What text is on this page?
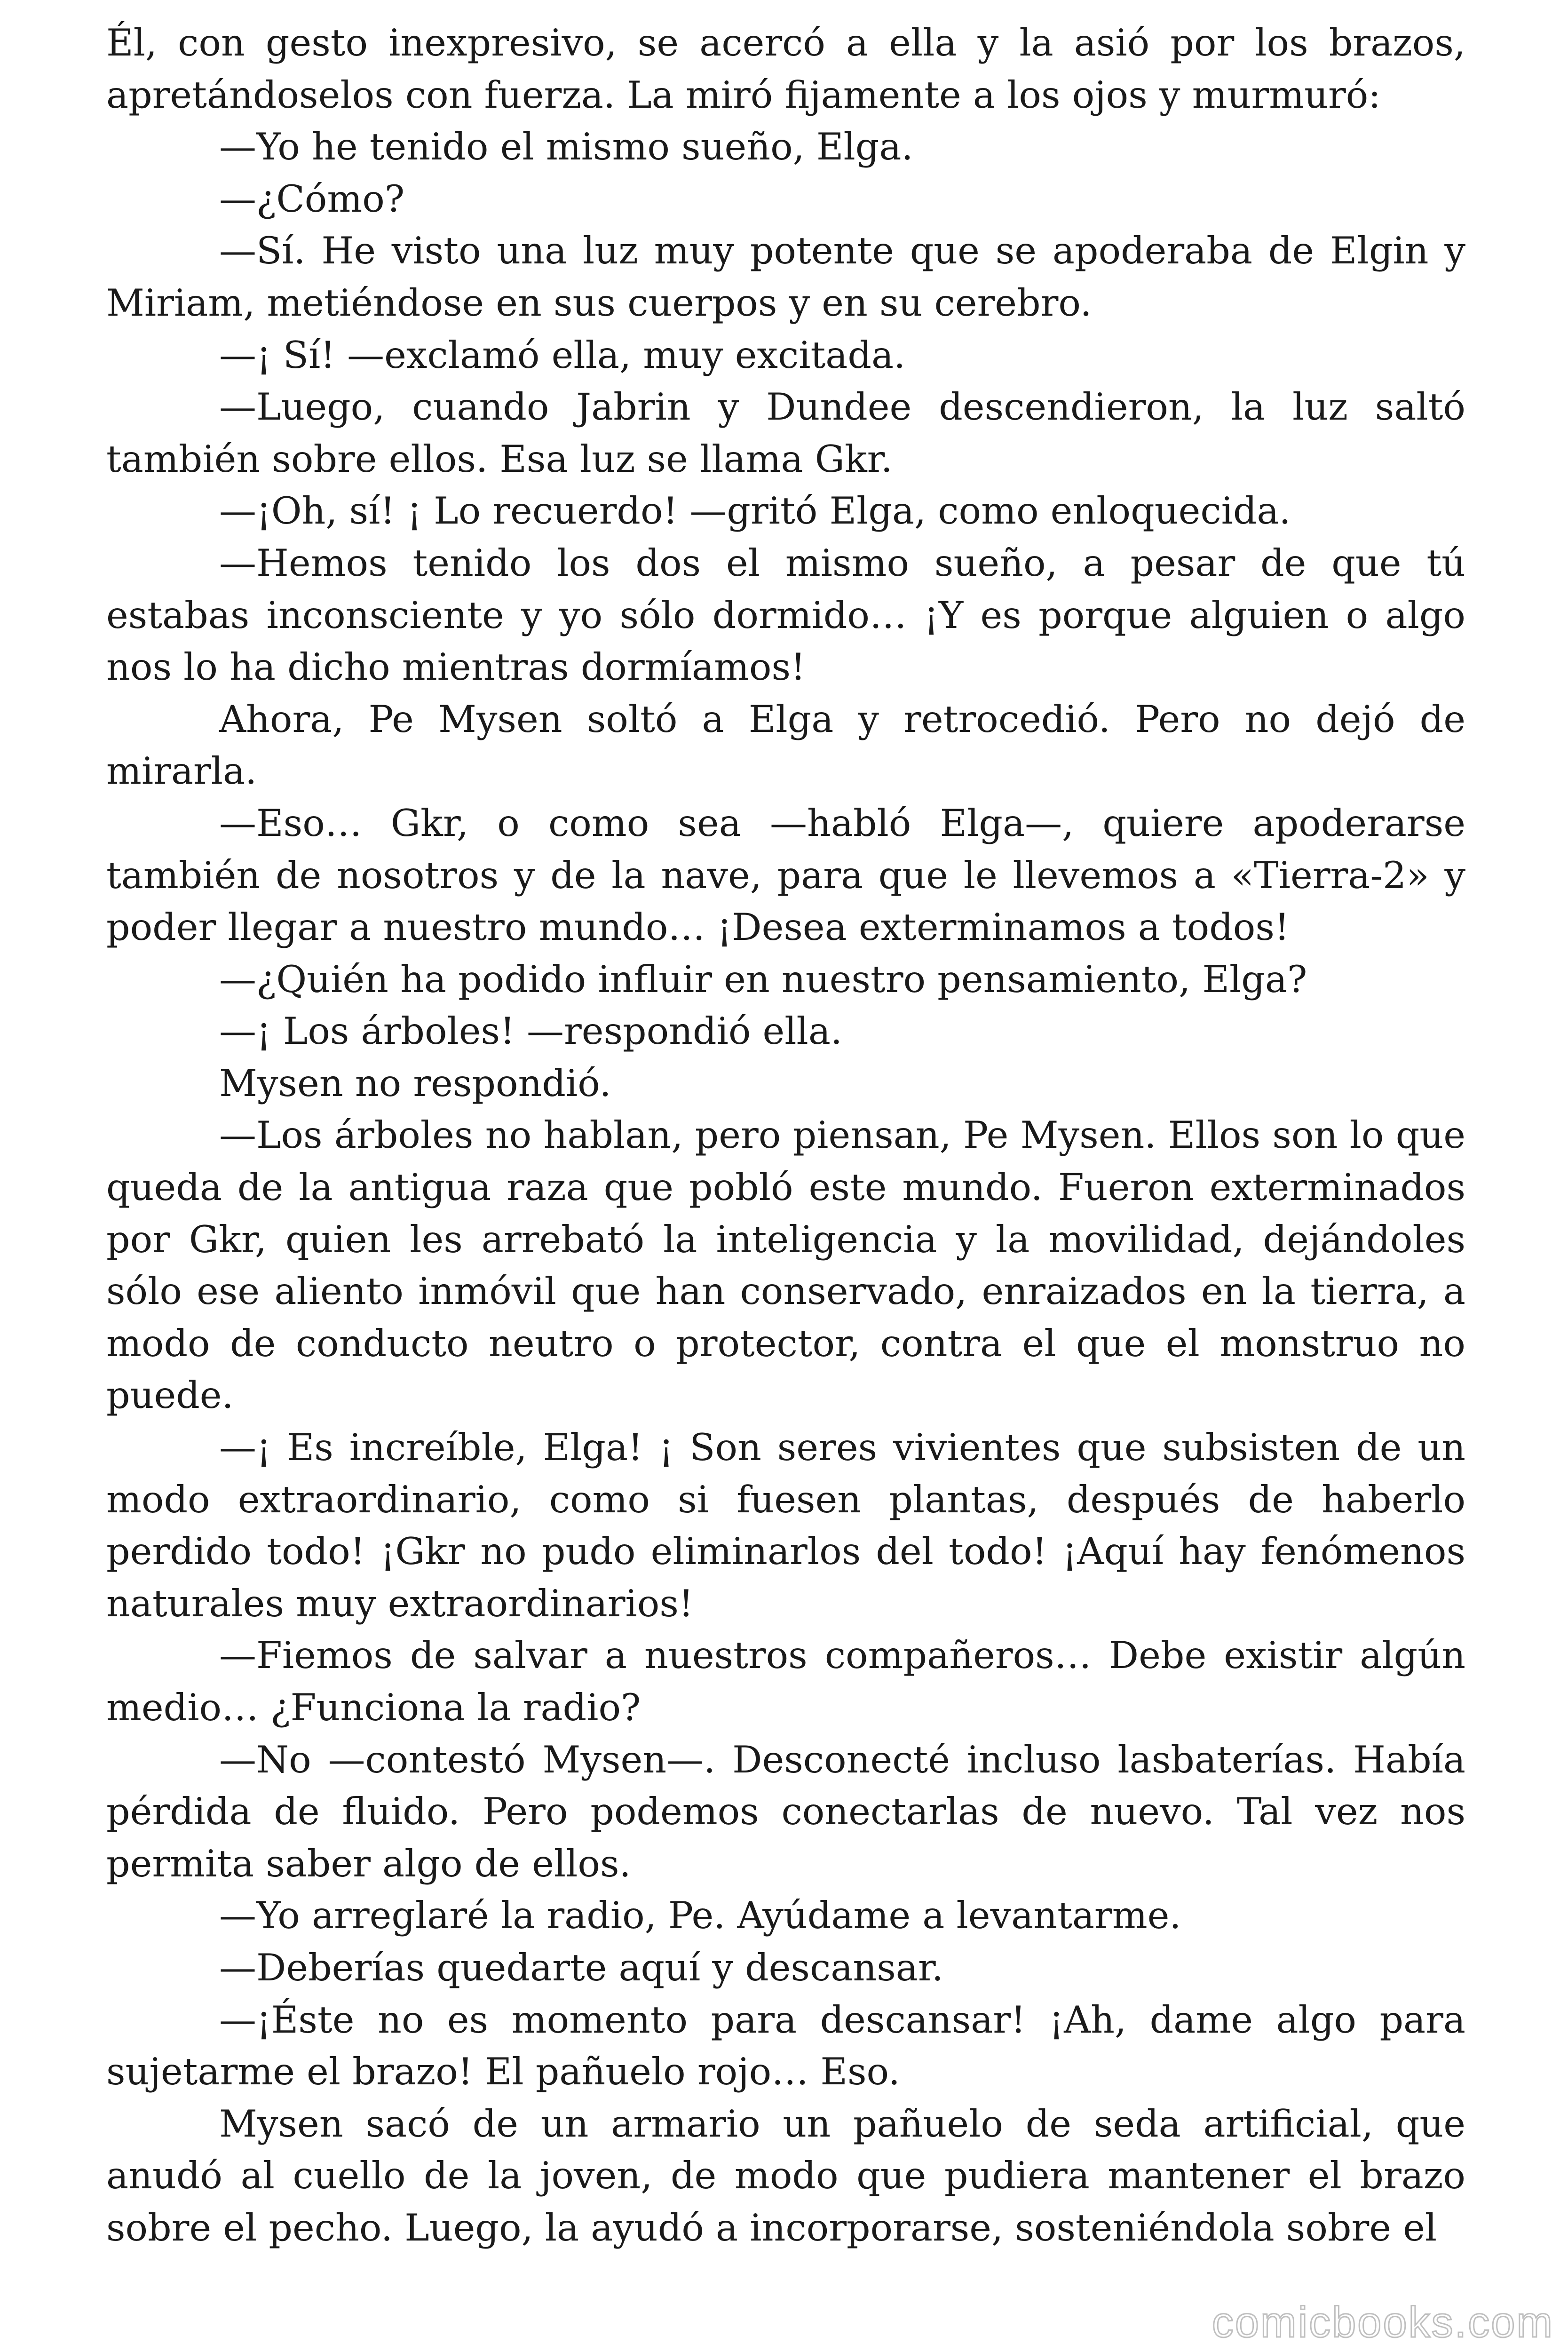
Él, con gesto inexpresivo, se acercó a ella y la asió por los brazos, apretándoselos con fuerza. La miró fijamente a los ojos y murmuró:

—Yo he tenido el mismo sueño, Elga.

—¿Cómo?

—Sí. He visto una luz muy potente que se apoderaba de Elgin y Miriam, metiéndose en sus cuerpos y en su cerebro.

—¡ Sí! —exclamó ella, muy excitada.

—Luego, cuando Jabrin y Dundee descendieron, la luz saltó también sobre ellos. Esa luz se llama Gkr.

—¡Oh, sí! ¡ Lo recuerdo! —gritó Elga, como enloquecida.

—Hemos tenido los dos el mismo sueño, a pesar de que tú estabas inconsciente y yo sólo dormido… ¡Y es porque alguien o algo nos lo ha dicho mientras dormíamos!

Ahora, Pe Mysen soltó a Elga y retrocedió. Pero no dejó de mirarla.

—Eso… Gkr, o como sea —habló Elga—, quiere apoderarse también de nosotros y de la nave, para que le llevemos a «Tierra-2» y poder llegar a nuestro mundo… ¡Desea exterminamos a todos!

—¿Quién ha podido influir en nuestro pensamiento, Elga?

—¡ Los árboles! —respondió ella.

Mysen no respondió.

—Los árboles no hablan, pero piensan, Pe Mysen. Ellos son lo que queda de la antigua raza que pobló este mundo. Fueron exterminados por Gkr, quien les arrebató la inteligencia y la movilidad, dejándoles sólo ese aliento inmóvil que han conservado, enraizados en la tierra, a modo de conducto neutro o protector, contra el que el monstruo no puede.

—¡ Es increíble, Elga! ¡ Son seres vivientes que subsisten de un modo extraordinario, como si fuesen plantas, después de haberlo perdido todo! ¡Gkr no pudo eliminarlos del todo! ¡Aquí hay fenómenos naturales muy extraordinarios!

—Fiemos de salvar a nuestros compañeros… Debe existir algún medio… ¿Funciona la radio?

—No —contestó Mysen—. Desconecté incluso lasbaterías. Había pérdida de fluido. Pero podemos conectarlas de nuevo. Tal vez nos permita saber algo de ellos.

—Yo arreglaré la radio, Pe. Ayúdame a levantarme.

—Deberías quedarte aquí y descansar.

—¡Éste no es momento para descansar! ¡Ah, dame algo para sujetarme el brazo! El pañuelo rojo… Eso.

Mysen sacó de un armario un pañuelo de seda artificial, que anudó al cuello de la joven, de modo que pudiera mantener el brazo sobre el pecho. Luego, la ayudó a incorporarse, sosteniéndola sobre el

comicbooks.com
